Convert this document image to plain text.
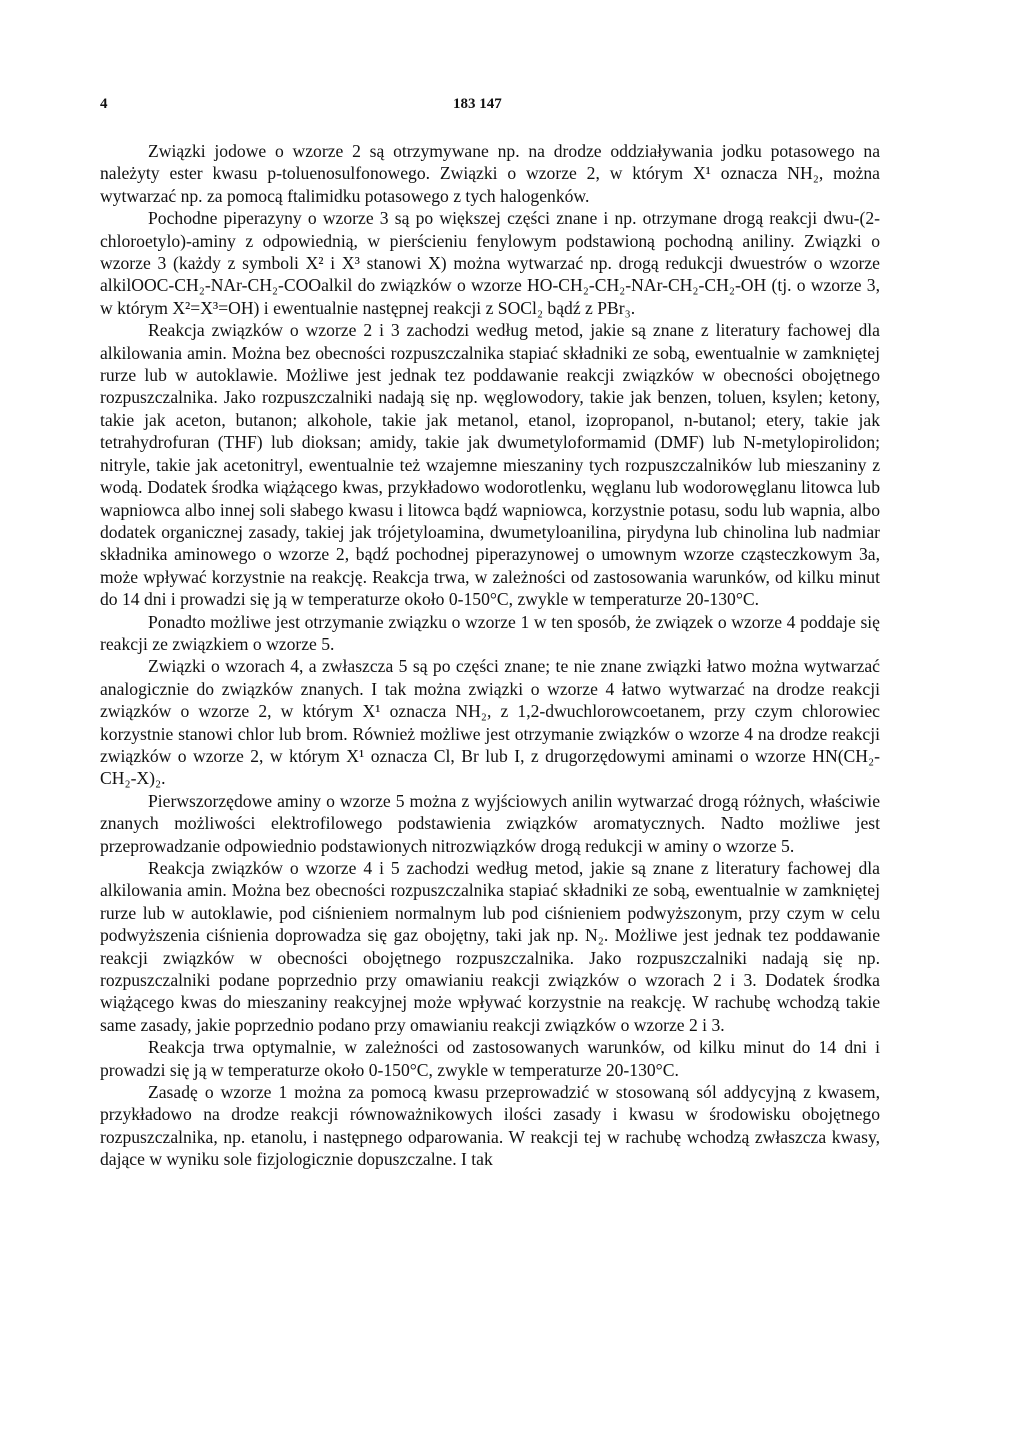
4	183 147

Związki jodowe o wzorze 2 są otrzymywane np. na drodze oddziaływania jodku potasowego na należyty ester kwasu p-toluenosulfonowego. Związki o wzorze 2, w którym X¹ oznacza NH₂, można wytwarzać np. za pomocą ftalimidku potasowego z tych halogenków.

Pochodne piperazyny o wzorze 3 są po większej części znane i np. otrzymane drogą reakcji dwu-(2-chloroetylo)-aminy z odpowiednią, w pierścieniu fenylowym podstawioną pochodną aniliny. Związki o wzorze 3 (każdy z symboli X² i X³ stanowi X) można wytwarzać np. drogą redukcji dwuestrów o wzorze alkilOOC-CH₂-NAr-CH₂-COOalkil do związków o wzorze HO-CH₂-CH₂-NAr-CH₂-CH₂-OH (tj. o wzorze 3, w którym X²=X³=OH) i ewentualnie następnej reakcji z SOCl₂ bądź z PBr₃.

Reakcja związków o wzorze 2 i 3 zachodzi według metod, jakie są znane z literatury fachowej dla alkilowania amin. Można bez obecności rozpuszczalnika stapiać składniki ze sobą, ewentualnie w zamkniętej rurze lub w autoklawie. Możliwe jest jednak tez poddawanie reakcji związków w obecności obojętnego rozpuszczalnika. Jako rozpuszczalniki nadają się np. węglowodory, takie jak benzen, toluen, ksylen; ketony, takie jak aceton, butanon; alkohole, takie jak metanol, etanol, izopropanol, n-butanol; etery, takie jak tetrahydrofuran (THF) lub dioksan; amidy, takie jak dwumetyloformamid (DMF) lub N-metylopirolidon; nitryle, takie jak acetonitryl, ewentualnie też wzajemne mieszaniny tych rozpuszczalników lub mieszaniny z wodą. Dodatek środka wiążącego kwas, przykładowo wodorotlenku, węglanu lub wodorowęglanu litowca lub wapniowca albo innej soli słabego kwasu i litowca bądź wapniowca, korzystnie potasu, sodu lub wapnia, albo dodatek organicznej zasady, takiej jak trójetyloamina, dwumetyloanilina, pirydyna lub chinolina lub nadmiar składnika aminowego o wzorze 2, bądź pochodnej piperazynowej o umownym wzorze cząsteczkowym 3a, może wpływać korzystnie na reakcję. Reakcja trwa, w zależności od zastosowania warunków, od kilku minut do 14 dni i prowadzi się ją w temperaturze około 0-150°C, zwykle w temperaturze 20-130°C.

Ponadto możliwe jest otrzymanie związku o wzorze 1 w ten sposób, że związek o wzorze 4 poddaje się reakcji ze związkiem o wzorze 5.

Związki o wzorach 4, a zwłaszcza 5 są po części znane; te nie znane związki łatwo można wytwarzać analogicznie do związków znanych. I tak można związki o wzorze 4 łatwo wytwarzać na drodze reakcji związków o wzorze 2, w którym X¹ oznacza NH₂, z 1,2-dwuchlorowcoetanem, przy czym chlorowiec korzystnie stanowi chlor lub brom. Również możliwe jest otrzymanie związków o wzorze 4 na drodze reakcji związków o wzorze 2, w którym X¹ oznacza Cl, Br lub I, z drugorzędowymi aminami o wzorze HN(CH₂-CH₂-X)₂.

Pierwszorzędowe aminy o wzorze 5 można z wyjściowych anilin wytwarzać drogą różnych, właściwie znanych możliwości elektrofilowego podstawienia związków aromatycznych. Nadto możliwe jest przeprowadzanie odpowiednio podstawionych nitrozwiązków drogą redukcji w aminy o wzorze 5.

Reakcja związków o wzorze 4 i 5 zachodzi według metod, jakie są znane z literatury fachowej dla alkilowania amin. Można bez obecności rozpuszczalnika stapiać składniki ze sobą, ewentualnie w zamkniętej rurze lub w autoklawie, pod ciśnieniem normalnym lub pod ciśnieniem podwyższonym, przy czym w celu podwyższenia ciśnienia doprowadza się gaz obojętny, taki jak np. N₂. Możliwe jest jednak tez poddawanie reakcji związków w obecności obojętnego rozpuszczalnika. Jako rozpuszczalniki nadają się np. rozpuszczalniki podane poprzednio przy omawianiu reakcji związków o wzorach 2 i 3. Dodatek środka wiążącego kwas do mieszaniny reakcyjnej może wpływać korzystnie na reakcję. W rachubę wchodzą takie same zasady, jakie poprzednio podano przy omawianiu reakcji związków o wzorze 2 i 3.

Reakcja trwa optymalnie, w zależności od zastosowanych warunków, od kilku minut do 14 dni i prowadzi się ją w temperaturze około 0-150°C, zwykle w temperaturze 20-130°C.

Zasadę o wzorze 1 można za pomocą kwasu przeprowadzić w stosowaną sól addycyjną z kwasem, przykładowo na drodze reakcji równoważnikowych ilości zasady i kwasu w środowisku obojętnego rozpuszczalnika, np. etanolu, i następnego odparowania. W reakcji tej w rachubę wchodzą zwłaszcza kwasy, dające w wyniku sole fizjologicznie dopuszczalne. I tak
